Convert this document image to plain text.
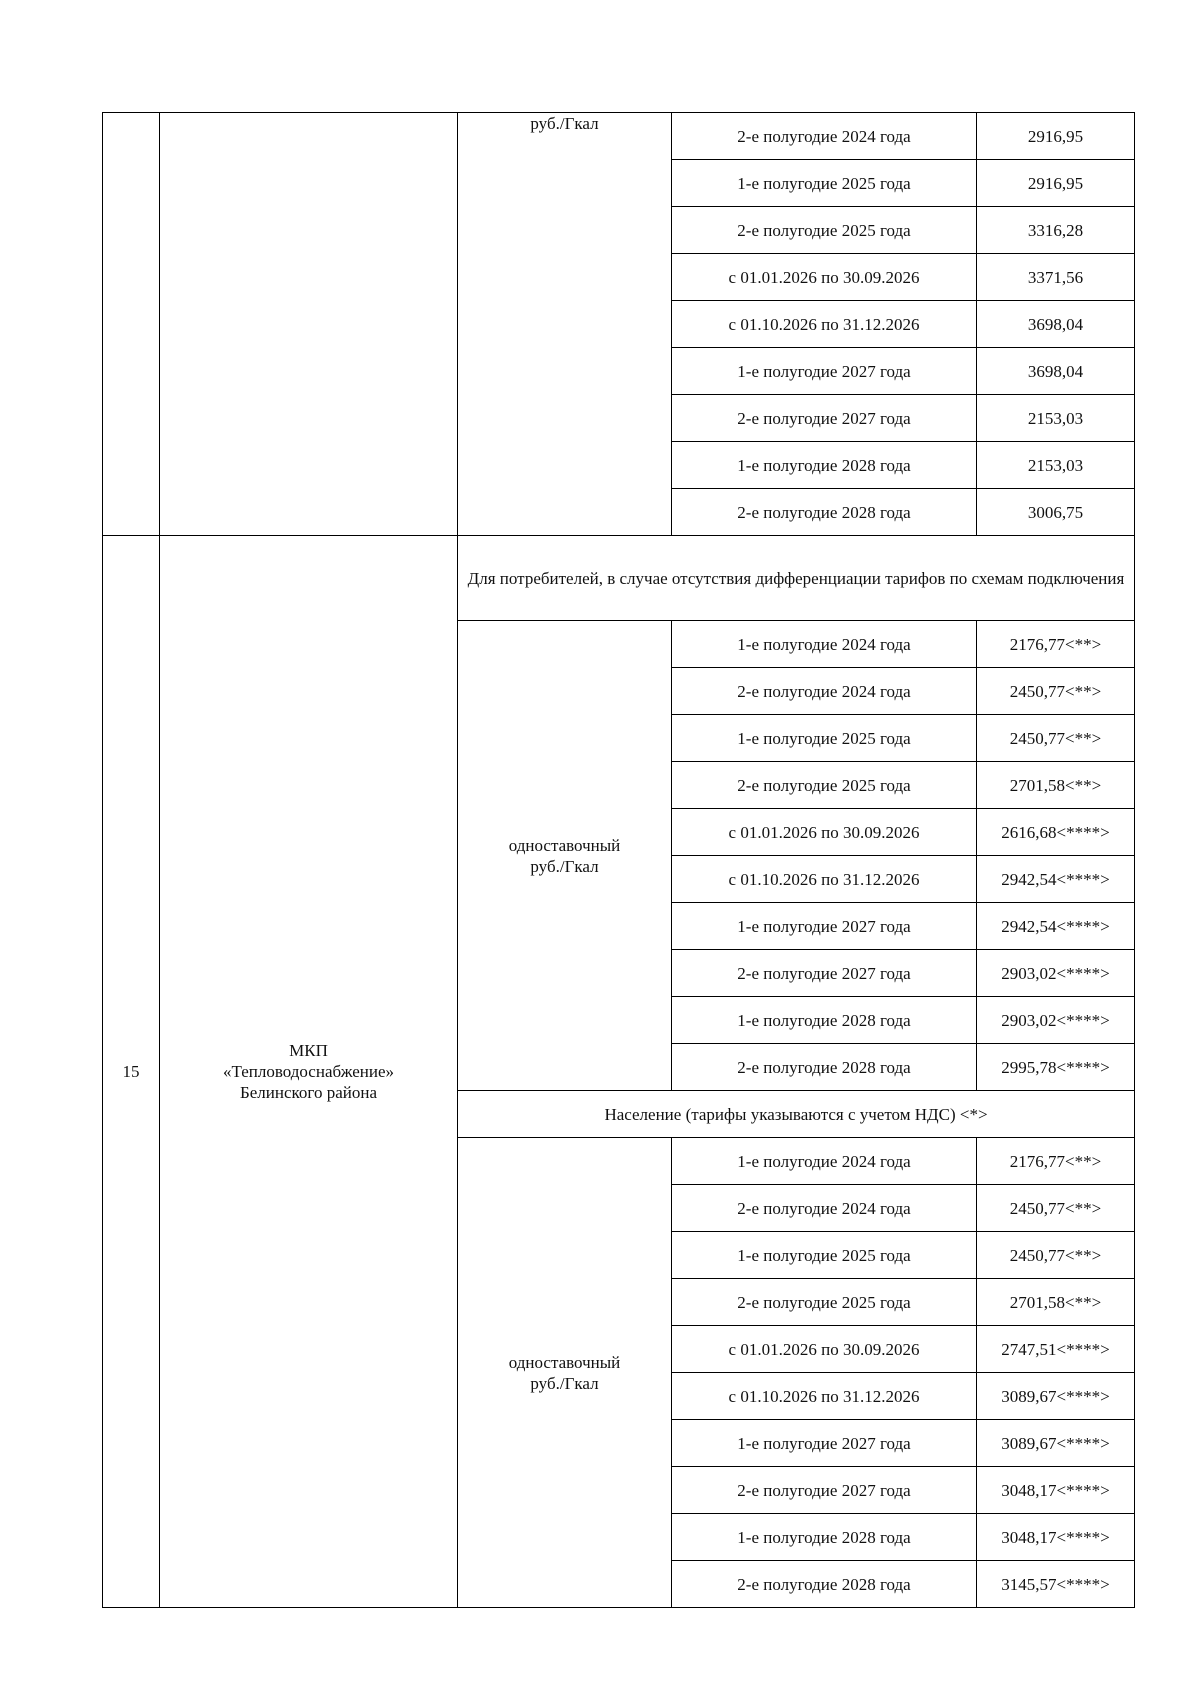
		руб./Гкал	2-е полугодие 2024 года	2916,95
			1-е полугодие 2025 года	2916,95
			2-е полугодие 2025 года	3316,28
			с 01.01.2026 по 30.09.2026	3371,56
			с 01.10.2026 по 31.12.2026	3698,04
			1-е полугодие 2027 года	3698,04
			2-е полугодие 2027 года	2153,03
			1-е полугодие 2028 года	2153,03
			2-е полугодие 2028 года	3006,75
15	МКП
«Тепловодоснабжение»
Белинского района	Для потребителей, в случае отсутствия дифференциации тарифов по схемам подключения		

		одноставочный
руб./Гкал	1-е полугодие 2024 года	2176,77<**>
			2-е полугодие 2024 года	2450,77<**>
			1-е полугодие 2025 года	2450,77<**>
			2-е полугодие 2025 года	2701,58<**>
			с 01.01.2026 по 30.09.2026	2616,68<****>
			с 01.10.2026 по 31.12.2026	2942,54<****>
			1-е полугодие 2027 года	2942,54<****>
			2-е полугодие 2027 года	2903,02<****>
			1-е полугодие 2028 года	2903,02<****>
			2-е полугодие 2028 года	2995,78<****>
		Население (тарифы указываются с учетом НДС) <*>		

		одноставочный
руб./Гкал	1-е полугодие 2024 года	2176,77<**>
			2-е полугодие 2024 года	2450,77<**>
			1-е полугодие 2025 года	2450,77<**>
			2-е полугодие 2025 года	2701,58<**>
			с 01.01.2026 по 30.09.2026	2747,51<****>
			с 01.10.2026 по 31.12.2026	3089,67<****>
			1-е полугодие 2027 года	3089,67<****>
			2-е полугодие 2027 года	3048,17<****>
			1-е полугодие 2028 года	3048,17<****>
			2-е полугодие 2028 года	3145,57<****>
